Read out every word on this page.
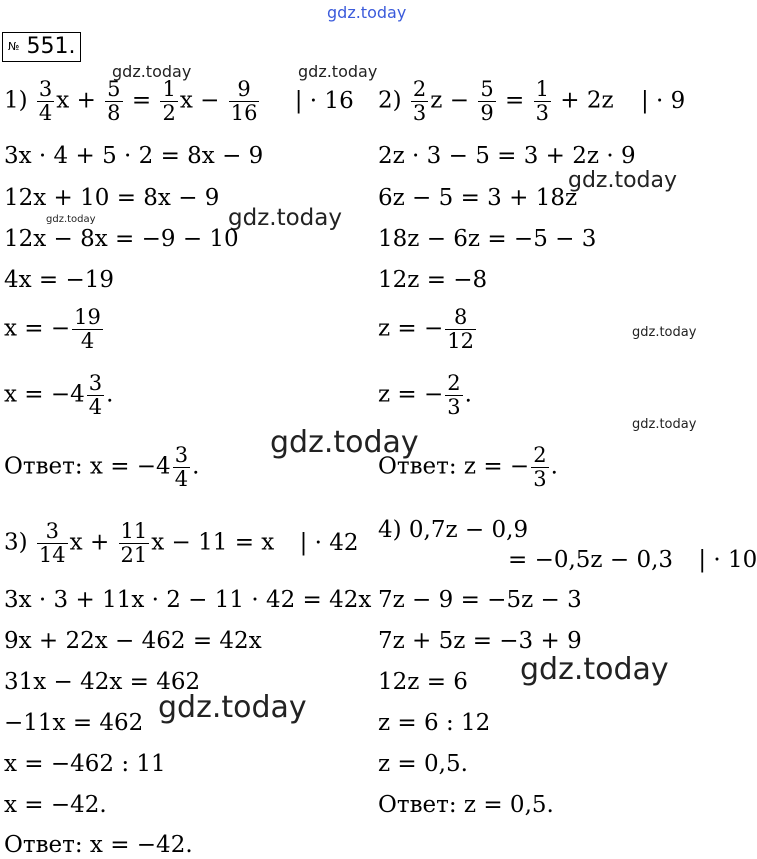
№ 551.
gdz.today
gdz.today	gdz.today
gdz.today
gdz.today	gdz.today
gdz.today
gdz.today
gdz.today
gdz.today
gdz.today
$1) \frac{3}{4}$ $x + \frac{5}{8} = \frac{1}{2}$ $x - \frac{9}{16}$ | · 16
3x · 4 + 5 · 2 = 8x − 9
12x + 10 = 8x − 9
12x − 8x = −9 − 10
4x = −19
x = − $\frac{19}{4}$
$x = -4 \frac{3}{4}$ .
Ответ: $x = -4 \frac{3}{4}$ .
$2) \frac{2}{3}$ $z - \frac{5}{9} = \frac{1}{3} + 2z$ | · 9
2z · 3 − 5 = 3 + 2z · 9
6z − 5 = 3 + 18z
18z − 6z = −5 − 3
12z = −8
z = − $\frac{8}{12}$
z = − $\frac{2}{3}$ .
Ответ: z = − $\frac{2}{3}$ .
$3) \frac{3}{14}$ $x + \frac{11}{21}$ x − 11 = x | · 42
3x · 3 + 11x · 2 − 11 · 42 = 42x
9x + 22x − 462 = 42x
31x − 42x = 462
−11x = 462
x = −462 : 11
x = −42.
Ответ: x = −42.
4) 0,7z − 0,9
= −0,5z − 0,3 | · 10
7z − 9 = −5z − 3
7z + 5z = −3 + 9
12z = 6
z = 6 : 12
z = 0,5.
Ответ: z = 0,5.
